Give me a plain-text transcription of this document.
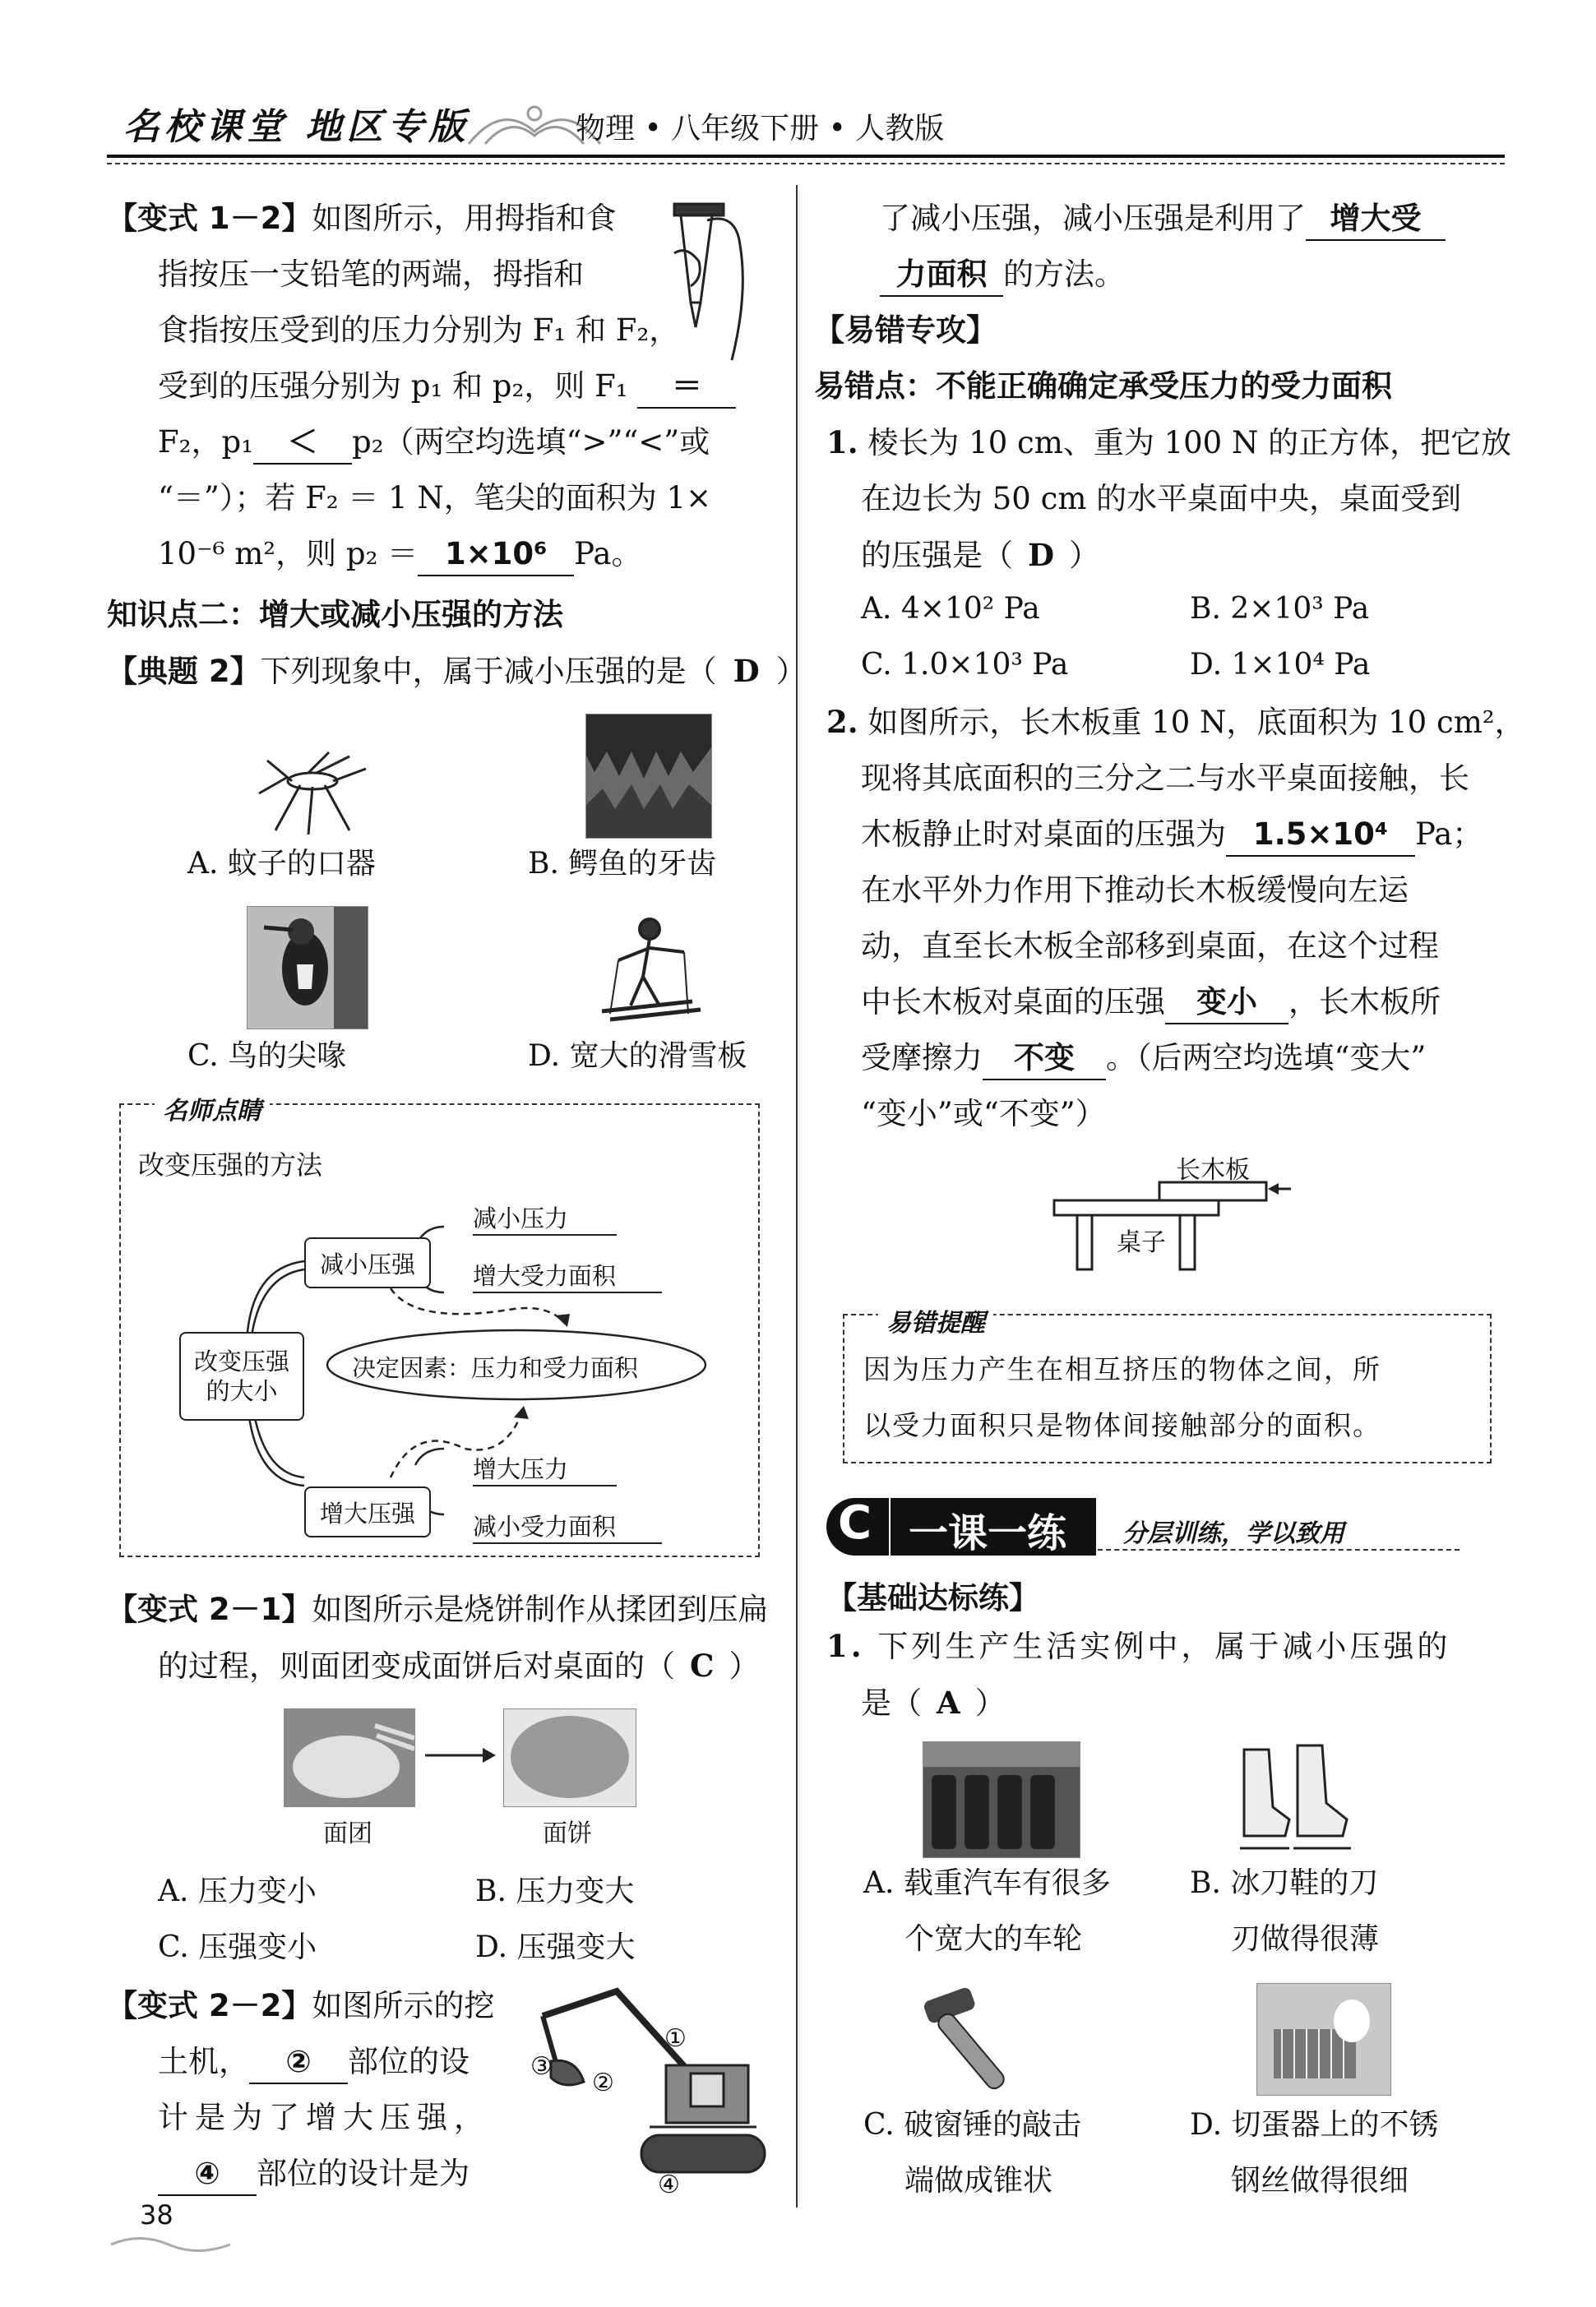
名校课堂 地区专版	物理 • 八年级下册 • 人教版
【变式 1－2】如图所示，用拇指和食
指按压一支铅笔的两端，拇指和
食指按压受到的压力分别为 F₁ 和 F₂，
受到的压强分别为 p₁ 和 p₂，则 F₁ ＝
F₂，p₁ ＜ p₂（两空均选填“>”“<”或
“＝”）；若 F₂ ＝ 1 N，笔尖的面积为 1×
10⁻⁶ m²，则 p₂ ＝ 1×10⁶ Pa。
知识点二：增大或减小压强的方法
【典题 2】下列现象中，属于减小压强的是（ D ）
A. 蚊子的口器	B. 鳄鱼的牙齿
C. 鸟的尖喙	D. 宽大的滑雪板
名师点睛
改变压强的方法
改变压强的大小
减小压强
增大压强
减小压力
增大受力面积
增大压力
减小受力面积
决定因素：压力和受力面积
【变式 2－1】如图所示是烧饼制作从揉团到压扁
的过程，则面团变成面饼后对桌面的（ C ）
面团	面饼
A. 压力变小	B. 压力变大
C. 压强变小	D. 压强变大
【变式 2－2】如图所示的挖
土机， ② 部位的设
计是为了增大压强，
④ 部位的设计是为
①
②
③
④
了减小压强，减小压强是利用了 增大受
力面积 的方法。
【易错专攻】
易错点：不能正确确定承受压力的受力面积
1. 棱长为 10 cm、重为 100 N 的正方体，把它放
在边长为 50 cm 的水平桌面中央，桌面受到
的压强是（ D ）
A. 4×10² Pa	B. 2×10³ Pa
C. 1.0×10³ Pa	D. 1×10⁴ Pa
2. 如图所示，长木板重 10 N，底面积为 10 cm²，
现将其底面积的三分之二与水平桌面接触，长
木板静止时对桌面的压强为 1.5×10⁴ Pa；
在水平外力作用下推动长木板缓慢向左运
动，直至长木板全部移到桌面，在这个过程
中长木板对桌面的压强 变小 ，长木板所
受摩擦力 不变 。（后两空均选填“变大”
“变小”或“不变”）
长木板
桌子
易错提醒
因为压力产生在相互挤压的物体之间，所
以受力面积只是物体间接触部分的面积。
C 一课一练 分层训练，学以致用
【基础达标练】
1. 下列生产生活实例中，属于减小压强的
是（ A ）
A. 载重汽车有很多
个宽大的车轮
B. 冰刀鞋的刀
刃做得很薄
C. 破窗锤的敲击
端做成锥状
D. 切蛋器上的不锈
钢丝做得很细
38
